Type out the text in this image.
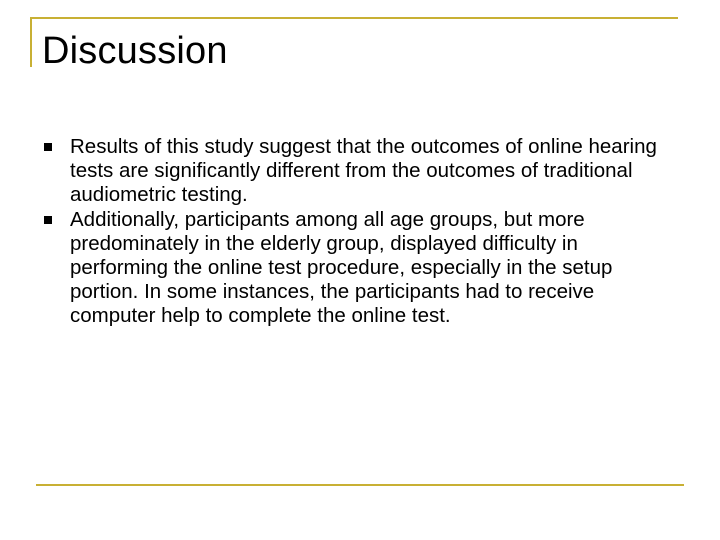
Discussion
Results of this study suggest that the outcomes of online hearing tests are significantly different from the outcomes of traditional audiometric testing.
Additionally, participants among all age groups, but more predominately in the elderly group, displayed difficulty in performing the online test procedure, especially in the setup portion. In some instances, the participants had to receive computer help to complete the online test.
